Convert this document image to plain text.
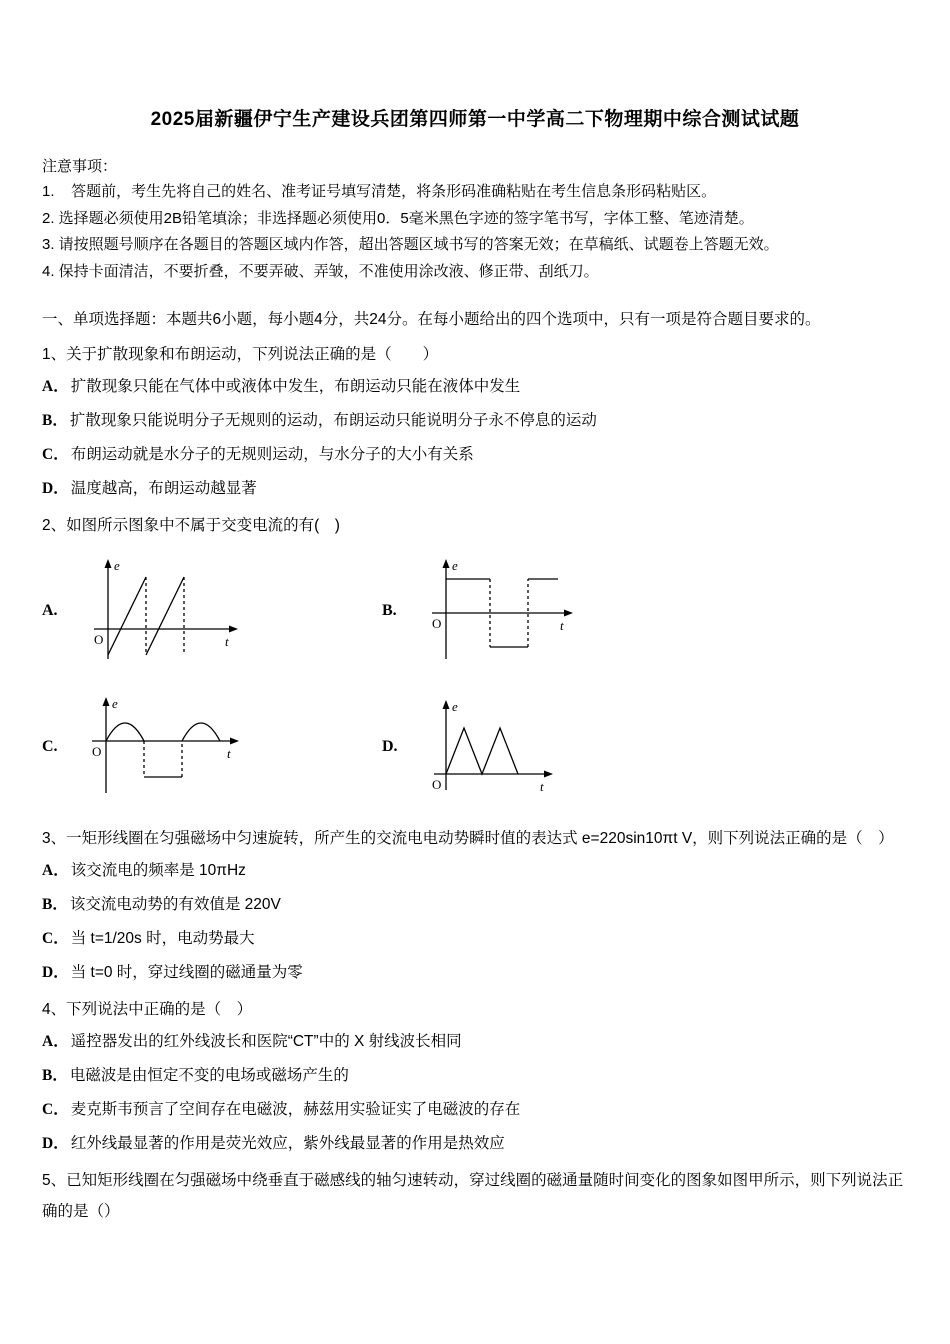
2025届新疆伊宁生产建设兵团第四师第一中学高二下物理期中综合测试试题
注意事项：
1.    答题前，考生先将自己的姓名、准考证号填写清楚，将条形码准确粘贴在考生信息条形码粘贴区。
2. 选择题必须使用2B铅笔填涂；非选择题必须使用0．5毫米黑色字迹的签字笔书写，字体工整、笔迹清楚。
3. 请按照题号顺序在各题目的答题区域内作答，超出答题区域书写的答案无效；在草稿纸、试题卷上答题无效。
4. 保持卡面清洁，不要折叠，不要弄破、弄皱，不准使用涂改液、修正带、刮纸刀。
一、单项选择题：本题共6小题，每小题4分，共24分。在每小题给出的四个选项中，只有一项是符合题目要求的。
1、关于扩散现象和布朗运动，下列说法正确的是（　　）
A． 扩散现象只能在气体中或液体中发生，布朗运动只能在液体中发生
B． 扩散现象只能说明分子无规则的运动，布朗运动只能说明分子永不停息的运动
C． 布朗运动就是水分子的无规则运动，与水分子的大小有关系
D． 温度越高，布朗运动越显著
2、如图所示图象中不属于交变电流的有(　)
A.
e
O	t
B.
e
O	t
C.
e
O	t	D.
e
O	t
3、一矩形线圈在匀强磁场中匀速旋转，所产生的交流电电动势瞬时值的表达式 e=220sin10πt V，则下列说法正确的是（　）
A． 该交流电的频率是 10πHz
B． 该交流电动势的有效值是 220V
C． 当 t=1/20s 时，电动势最大
D． 当 t=0 时，穿过线圈的磁通量为零
4、下列说法中正确的是（　）
A． 遥控器发出的红外线波长和医院“CT”中的 X 射线波长相同
B． 电磁波是由恒定不变的电场或磁场产生的
C． 麦克斯韦预言了空间存在电磁波，赫兹用实验证实了电磁波的存在
D． 红外线最显著的作用是荧光效应，紫外线最显著的作用是热效应
5、已知矩形线圈在匀强磁场中绕垂直于磁感线的轴匀速转动，穿过线圈的磁通量随时间变化的图象如图甲所示，则下列说法正确的是（）
